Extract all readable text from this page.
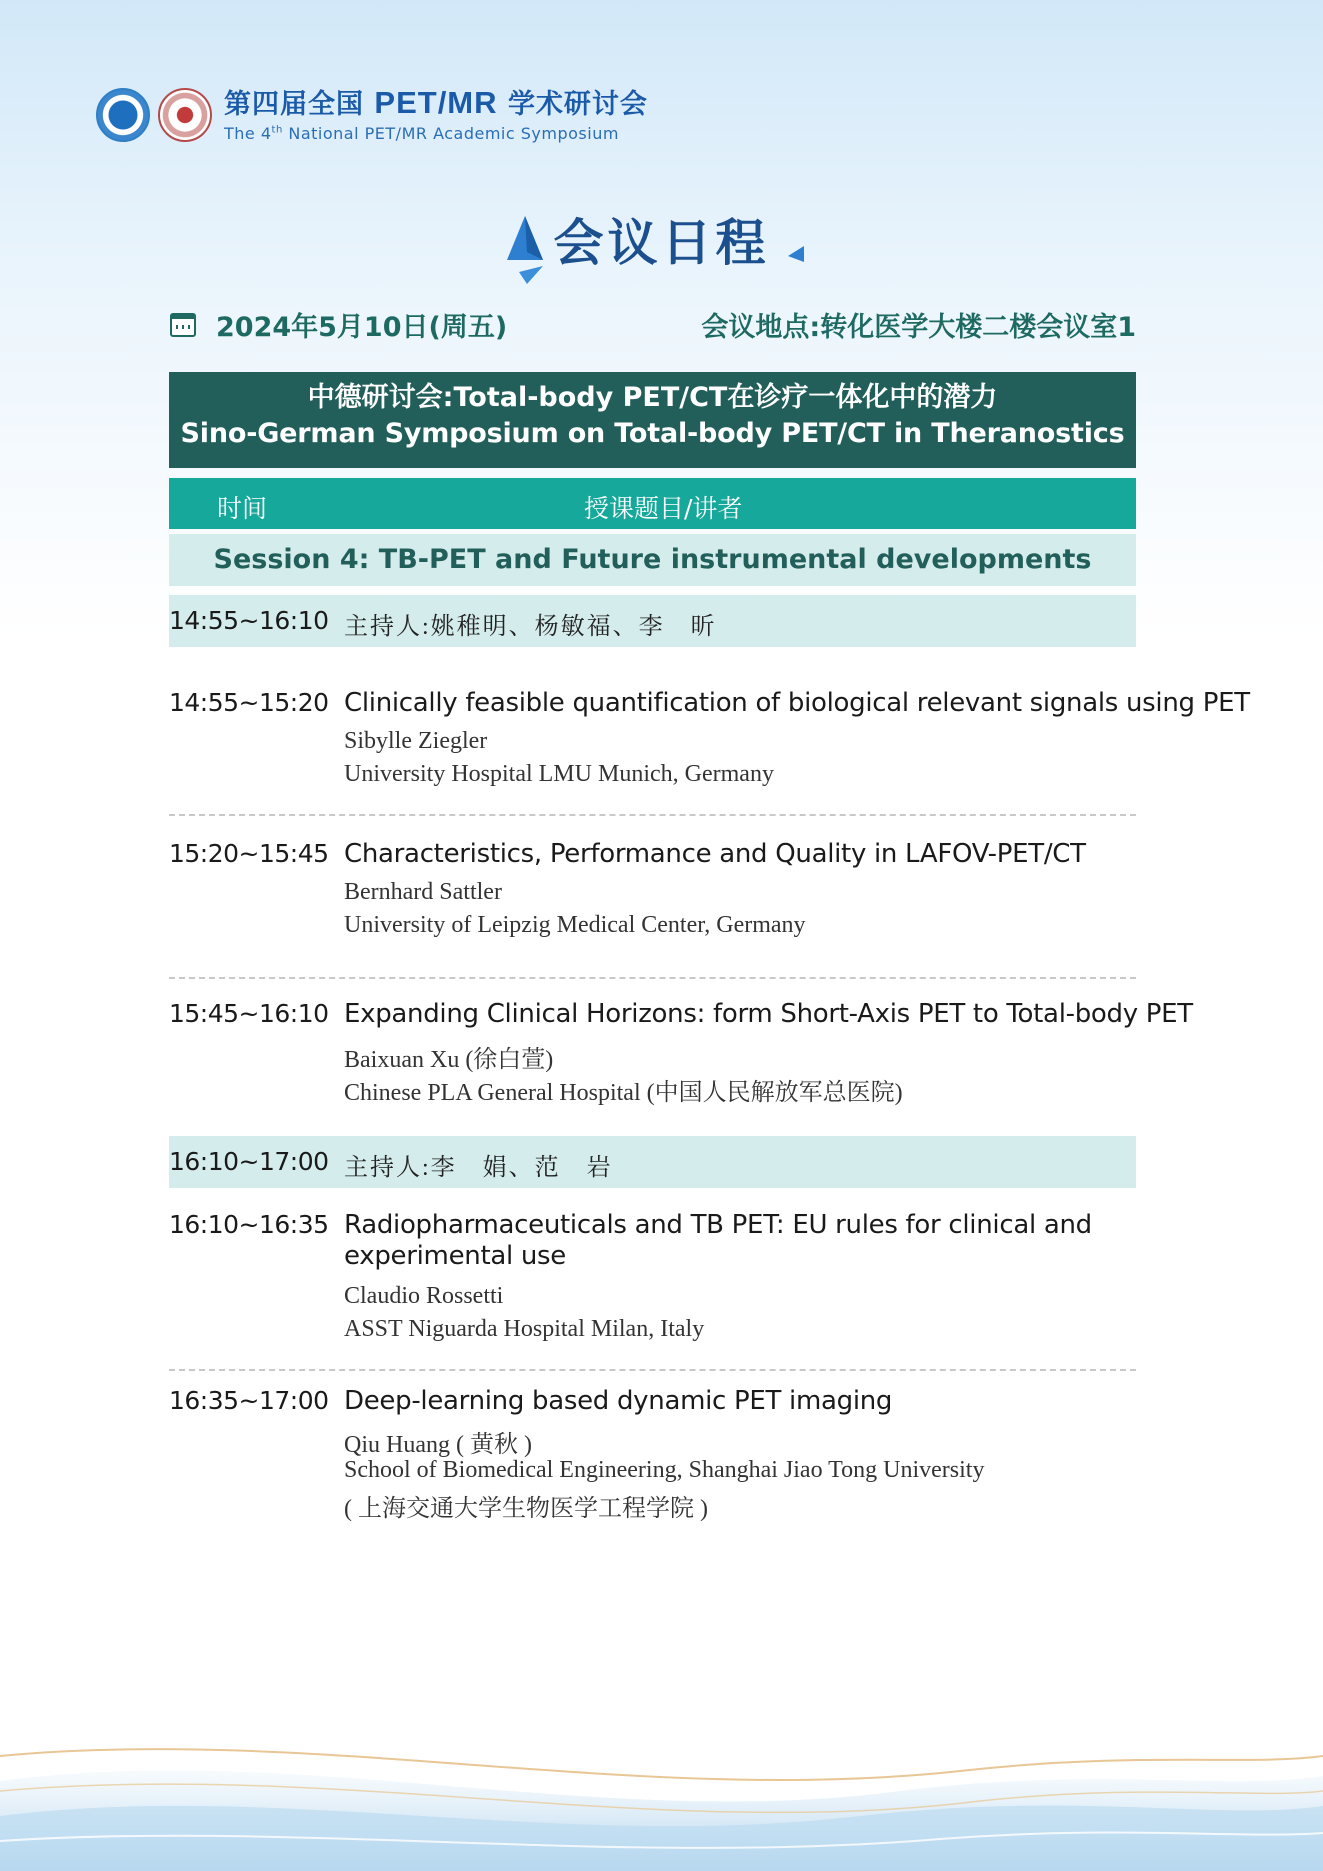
第四届全国 PET/MR 学术研讨会
The 4th National PET/MR Academic Symposium
会议日程
2024年5月10日(周五)	会议地点:转化医学大楼二楼会议室1
中德研讨会:Total-body PET/CT在诊疗一体化中的潜力
Sino-German Symposium on Total-body PET/CT in Theranostics
时间	授课题目/讲者
Session 4: TB-PET and Future instrumental developments
14:55~16:10 主持人:姚稚明、杨敏福、李　昕
14:55~15:20 Clinically feasible quantification of biological relevant signals using PET
Sibylle Ziegler
University Hospital LMU Munich, Germany
15:20~15:45 Characteristics, Performance and Quality in LAFOV-PET/CT
Bernhard Sattler
University of Leipzig Medical Center, Germany
15:45~16:10 Expanding Clinical Horizons: form Short-Axis PET to Total-body PET
Baixuan Xu (徐白萱)
Chinese PLA General Hospital (中国人民解放军总医院)
16:10~17:00 主持人:李　娟、范　岩
16:10~16:35 Radiopharmaceuticals and TB PET: EU rules for clinical and experimental use
Claudio Rossetti
ASST Niguarda Hospital Milan, Italy
16:35~17:00 Deep-learning based dynamic PET imaging
Qiu Huang ( 黄秋 )
School of Biomedical Engineering, Shanghai Jiao Tong University
( 上海交通大学生物医学工程学院 )
